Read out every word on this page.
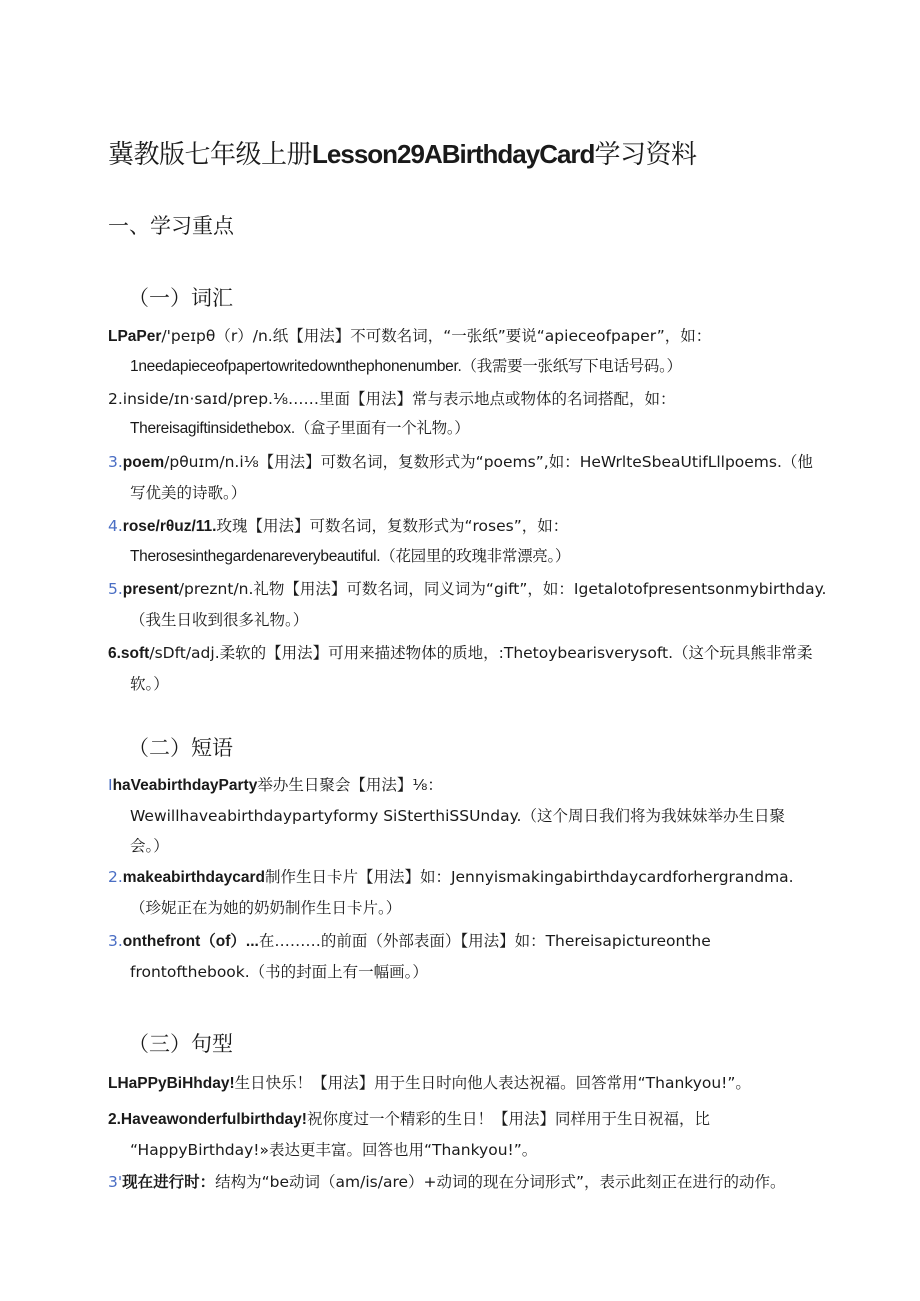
冀教版七年级上册Lesson29ABirthdayCard学习资料
一、学习重点
（一）词汇
LPaPer/'peɪpθ（r）/n.纸【用法】不可数名词，“一张纸”要说“apieceofpaper”，如：
1needapieceofpapertowritedownthephonenumber.（我需要一张纸写下电话号码。）
2.inside/ɪn·saɪd/prep.⅛……里面【用法】常与表示地点或物体的名词搭配，如：
Thereisagiftinsidethebox.（盒子里面有一个礼物。）
3.poem/pθuɪm/n.i⅛【用法】可数名词，复数形式为“poems”,如：HeWrlteSbeaUtifLllpoems.（他
写优美的诗歌。）
4.rose/rθuz/11.玫瑰【用法】可数名词，复数形式为“roses”，如：
Therosesinthegardenareverybeautiful.（花园里的玫瑰非常漂亮。）
5.present/preznt/n.礼物【用法】可数名词，同义词为“gift”，如：Igetalotofpresentsonmybirthday.
（我生日收到很多礼物。）
6.soft/sDft/adj.柔软的【用法】可用来描述物体的质地，:Thetoybearisverysoft.（这个玩具熊非常柔
软。）
（二）短语
IhaVeabirthdayParty举办生日聚会【用法】⅛：
Wewillhaveabirthdaypartyformy SiSterthiSSUnday.（这个周日我们将为我妹妹举办生日聚
会。）
2.makeabirthdaycard制作生日卡片【用法】如：Jennyismakingabirthdaycardforhergrandma.
（珍妮正在为她的奶奶制作生日卡片。）
3.onthefront（of）...在………的前面（外部表面）【用法】如：Thereisapictureonthe
frontofthebook.（书的封面上有一幅画。）
（三）句型
LHaPPyBiHhday!生日快乐！【用法】用于生日时向他人表达祝福。回答常用“Thankyou!”。
2.Haveawonderfulbirthday!祝你度过一个精彩的生日！【用法】同样用于生日祝福，比
“HappyBirthday!»表达更丰富。回答也用“Thankyou!”。
3'现在进行时：结构为“be动词（am/is/are）+动词的现在分词形式”，表示此刻正在进行的动作。
